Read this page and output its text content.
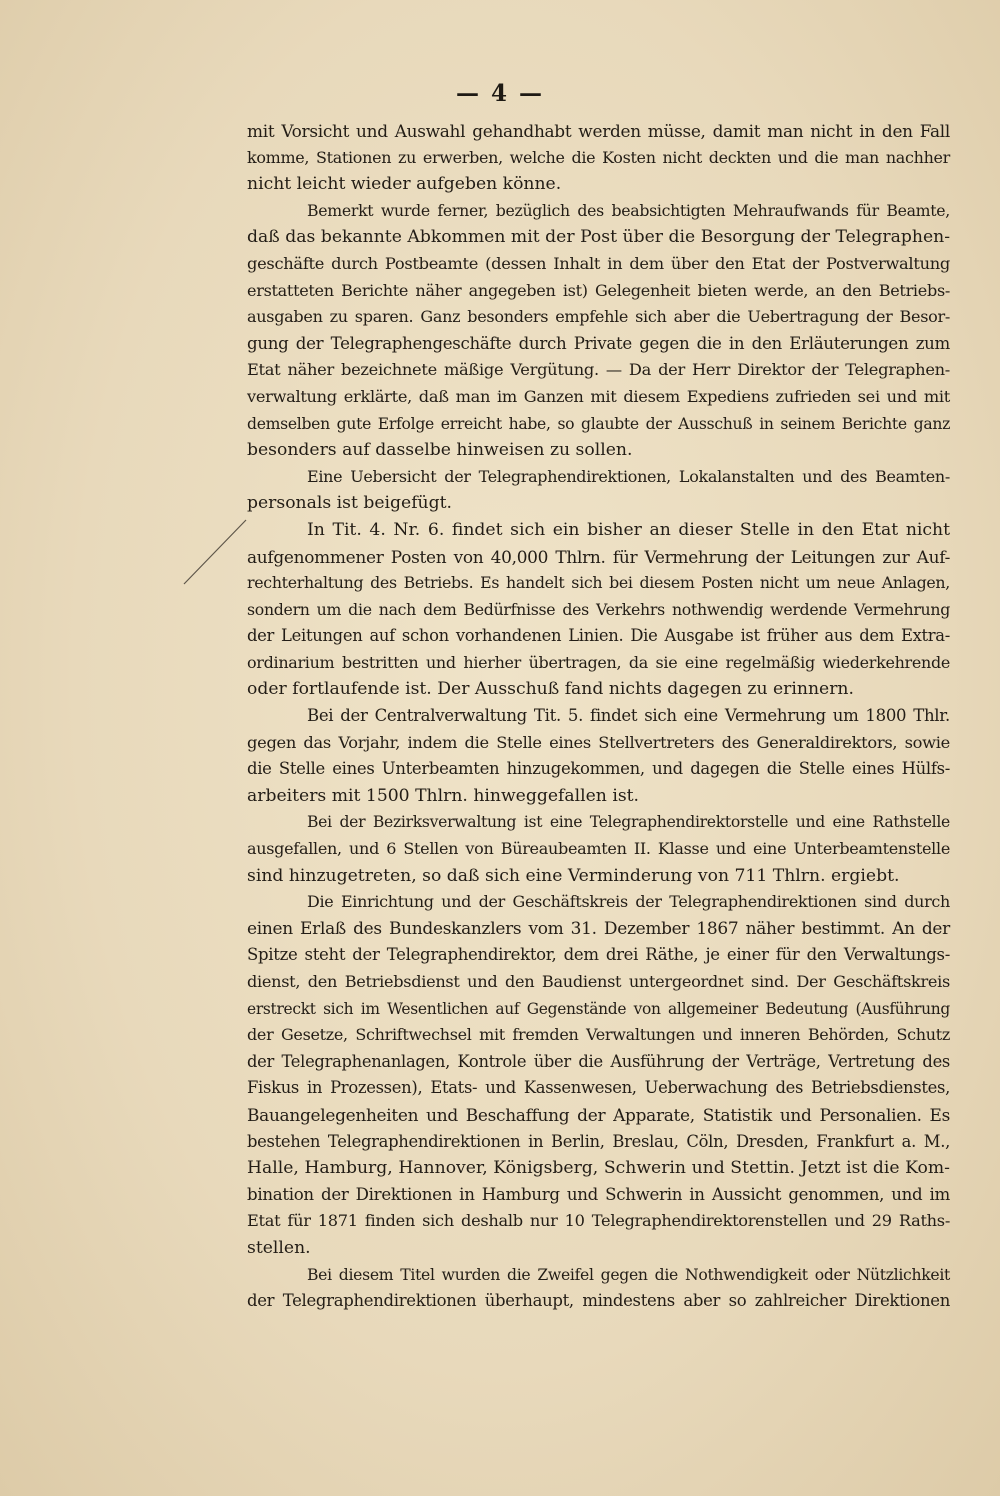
— 4 —
mit Vorsicht und Auswahl gehandhabt werden müsse, damit man nicht in den Fall
komme, Stationen zu erwerben, welche die Kosten nicht deckten und die man nachher
nicht leicht wieder aufgeben könne.
Bemerkt wurde ferner, bezüglich des beabsichtigten Mehraufwands für Beamte,
daß das bekannte Abkommen mit der Post über die Besorgung der Telegraphen-
geschäfte durch Postbeamte (dessen Inhalt in dem über den Etat der Postverwaltung
erstatteten Berichte näher angegeben ist) Gelegenheit bieten werde, an den Betriebs-
ausgaben zu sparen. Ganz besonders empfehle sich aber die Uebertragung der Besor-
gung der Telegraphengeschäfte durch Private gegen die in den Erläuterungen zum
Etat näher bezeichnete mäßige Vergütung. — Da der Herr Direktor der Telegraphen-
verwaltung erklärte, daß man im Ganzen mit diesem Expediens zufrieden sei und mit
demselben gute Erfolge erreicht habe, so glaubte der Ausschuß in seinem Berichte ganz
besonders auf dasselbe hinweisen zu sollen.
Eine Uebersicht der Telegraphendirektionen, Lokalanstalten und des Beamten-
personals ist beigefügt.
In Tit. 4. Nr. 6. findet sich ein bisher an dieser Stelle in den Etat nicht
aufgenommener Posten von 40,000 Thlrn. für Vermehrung der Leitungen zur Auf-
rechterhaltung des Betriebs. Es handelt sich bei diesem Posten nicht um neue Anlagen,
sondern um die nach dem Bedürfnisse des Verkehrs nothwendig werdende Vermehrung
der Leitungen auf schon vorhandenen Linien. Die Ausgabe ist früher aus dem Extra-
ordinarium bestritten und hierher übertragen, da sie eine regelmäßig wiederkehrende
oder fortlaufende ist. Der Ausschuß fand nichts dagegen zu erinnern.
Bei der Centralverwaltung Tit. 5. findet sich eine Vermehrung um 1800 Thlr.
gegen das Vorjahr, indem die Stelle eines Stellvertreters des Generaldirektors, sowie
die Stelle eines Unterbeamten hinzugekommen, und dagegen die Stelle eines Hülfs-
arbeiters mit 1500 Thlrn. hinweggefallen ist.
Bei der Bezirksverwaltung ist eine Telegraphendirektorstelle und eine Rathstelle
ausgefallen, und 6 Stellen von Büreaubeamten II. Klasse und eine Unterbeamtenstelle
sind hinzugetreten, so daß sich eine Verminderung von 711 Thlrn. ergiebt.
Die Einrichtung und der Geschäftskreis der Telegraphendirektionen sind durch
einen Erlaß des Bundeskanzlers vom 31. Dezember 1867 näher bestimmt. An der
Spitze steht der Telegraphendirektor, dem drei Räthe, je einer für den Verwaltungs-
dienst, den Betriebsdienst und den Baudienst untergeordnet sind. Der Geschäftskreis
erstreckt sich im Wesentlichen auf Gegenstände von allgemeiner Bedeutung (Ausführung
der Gesetze, Schriftwechsel mit fremden Verwaltungen und inneren Behörden, Schutz
der Telegraphenanlagen, Kontrole über die Ausführung der Verträge, Vertretung des
Fiskus in Prozessen), Etats- und Kassenwesen, Ueberwachung des Betriebsdienstes,
Bauangelegenheiten und Beschaffung der Apparate, Statistik und Personalien. Es
bestehen Telegraphendirektionen in Berlin, Breslau, Cöln, Dresden, Frankfurt a. M.,
Halle, Hamburg, Hannover, Königsberg, Schwerin und Stettin. Jetzt ist die Kom-
bination der Direktionen in Hamburg und Schwerin in Aussicht genommen, und im
Etat für 1871 finden sich deshalb nur 10 Telegraphendirektorenstellen und 29 Raths-
stellen.
Bei diesem Titel wurden die Zweifel gegen die Nothwendigkeit oder Nützlichkeit
der Telegraphendirektionen überhaupt, mindestens aber so zahlreicher Direktionen
